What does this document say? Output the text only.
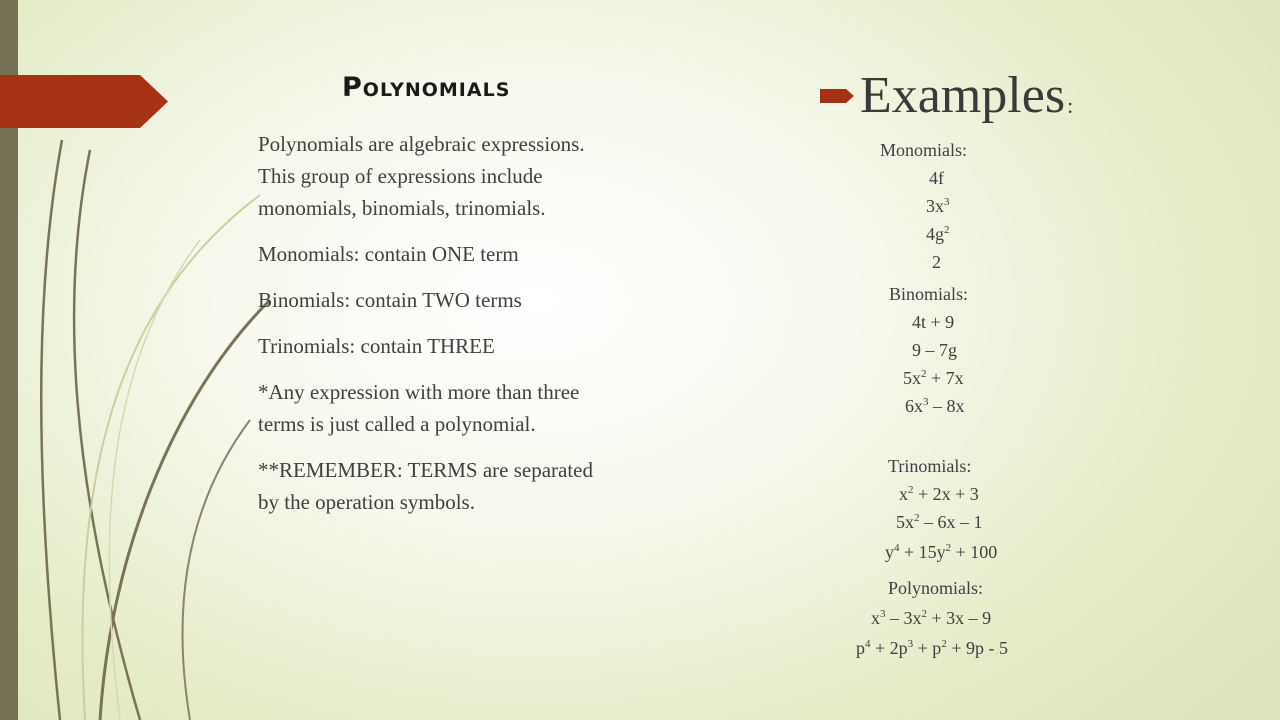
Polynomials

Polynomials are algebraic expressions. This group of expressions include monomials, binomials, trinomials.

Monomials: contain ONE term

Binomials: contain TWO terms

Trinomials: contain THREE

*Any expression with more than three terms is just called a polynomial.

**REMEMBER: TERMS are separated by the operation symbols.

Examples :
Monomials:
4f
$3x^3$
$4g^2$
2
Binomials:
4t + 9
9 – 7g
$5x^2 + 7x$
$6x^3 - 8x$
Trinomials:
$x^2 + 2x + 3$
$5x^2 - 6x - 1$
$y^4 + 15y^2 + 100$
Polynomials:
$x^3 - 3x^2 + 3x - 9$
$p^4 + 2p^3 + p^2 + 9p - 5$
